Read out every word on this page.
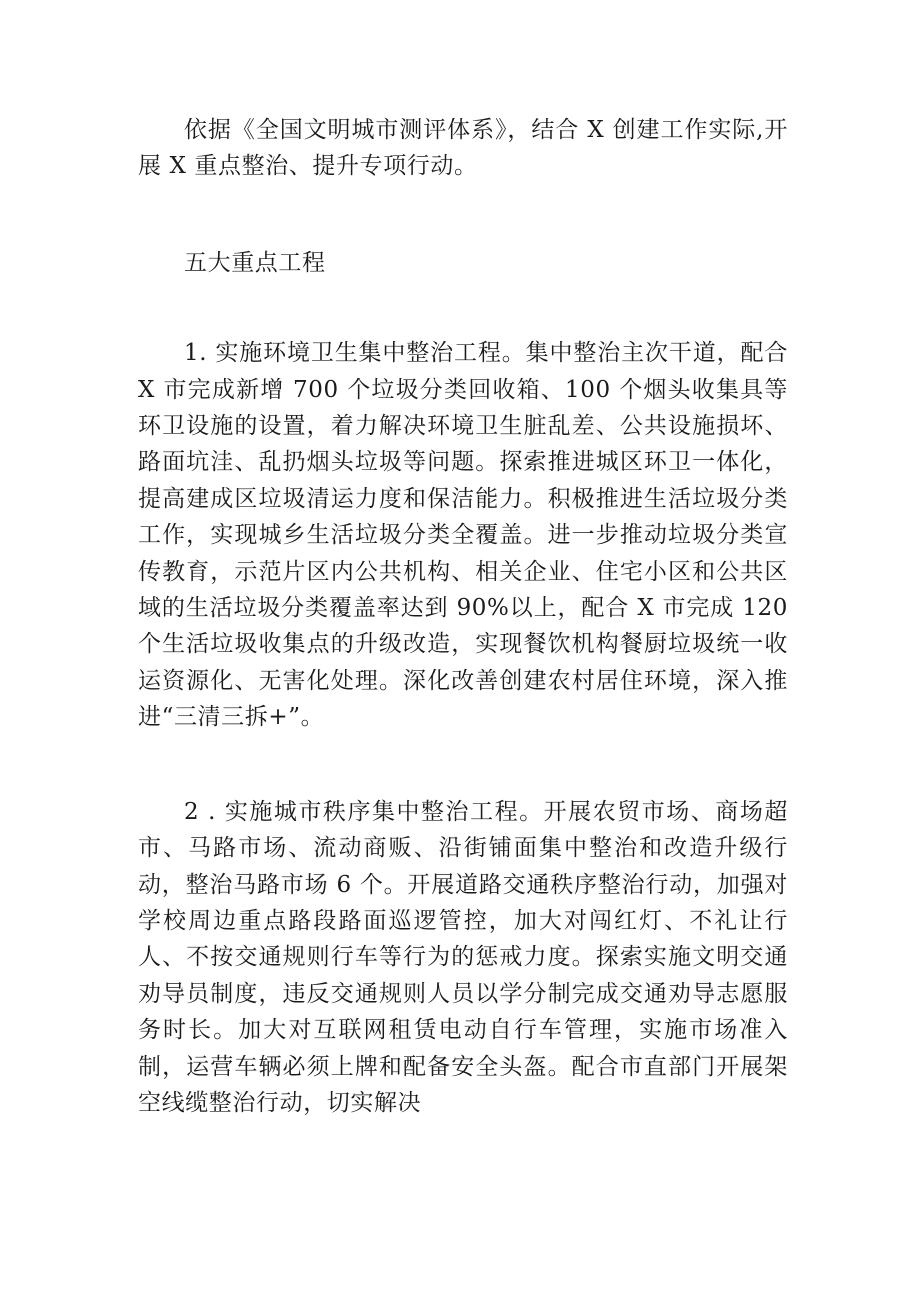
依据《全国文明城市测评体系》，结合 X 创建工作实际,开展 X 重点整治、提升专项行动。

五大重点工程

1. 实施环境卫生集中整治工程。集中整治主次干道，配合 X 市完成新增 700 个垃圾分类回收箱、100 个烟头收集具等环卫设施的设置，着力解决环境卫生脏乱差、公共设施损坏、路面坑洼、乱扔烟头垃圾等问题。探索推进城区环卫一体化，提高建成区垃圾清运力度和保洁能力。积极推进生活垃圾分类工作，实现城乡生活垃圾分类全覆盖。进一步推动垃圾分类宣传教育，示范片区内公共机构、相关企业、住宅小区和公共区域的生活垃圾分类覆盖率达到 90%以上，配合 X 市完成 120 个生活垃圾收集点的升级改造，实现餐饮机构餐厨垃圾统一收运资源化、无害化处理。深化改善创建农村居住环境，深入推进“三清三拆+”。

2 . 实施城市秩序集中整治工程。开展农贸市场、商场超市、马路市场、流动商贩、沿街铺面集中整治和改造升级行动，整治马路市场 6 个。开展道路交通秩序整治行动，加强对学校周边重点路段路面巡逻管控，加大对闯红灯、不礼让行人、不按交通规则行车等行为的惩戒力度。探索实施文明交通劝导员制度，违反交通规则人员以学分制完成交通劝导志愿服务时长。加大对互联网租赁电动自行车管理，实施市场准入制，运营车辆必须上牌和配备安全头盔。配合市直部门开展架空线缆整治行动，切实解决
